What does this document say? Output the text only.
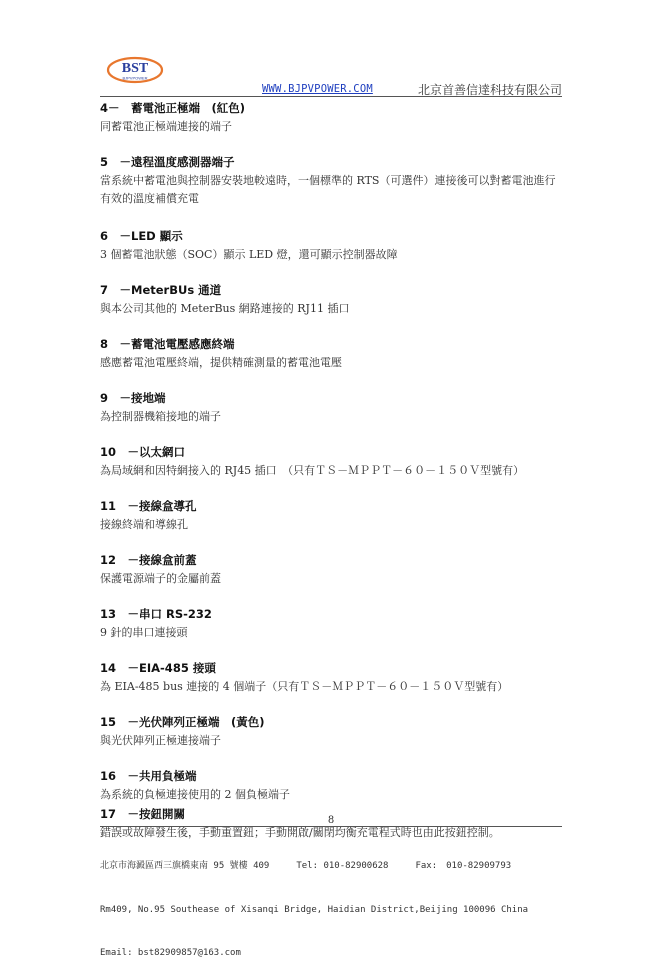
BST
BJPVPOWER
WWW.BJPVPOWER.COM	北京首善信達科技有限公司
4－　蓄電池正極端　(紅色)

同蓄電池正極端連接的端子

5　－遠程溫度感測器端子

當系統中蓄電池與控制器安裝地較遠時，一個標準的 RTS（可選件）連接後可以對蓄電池進行有效的溫度補償充電

6　－LED 顯示

3 個蓄電池狀態（SOC）顯示 LED 燈，還可顯示控制器故障

7　－MeterBUs 通道

與本公司其他的 MeterBus 網路連接的 RJ11 插口

8　－蓄電池電壓感應終端

感應蓄電池電壓終端，提供精確測量的蓄電池電壓

9　－接地端

為控制器機箱接地的端子

10　－以太網口

為局域網和因特網接入的 RJ45 插口　（只有ＴＳ－ＭＰＰＴ－６０－１５０Ｖ型號有）

11　－接線盒導孔

接線終端和導線孔

12　－接線盒前蓋

保護電源端子的金屬前蓋

13　－串口 RS-232

9 針的串口連接頭

14　－EIA-485 接頭

為 EIA-485 bus 連接的 4 個端子（只有ＴＳ－ＭＰＰＴ－６０－１５０Ｖ型號有）

15　－光伏陣列正極端　(黃色)

與光伏陣列正極連接端子

16　－共用負極端

為系統的負極連接使用的 2 個負極端子

17　－按鈕開關

錯誤或故障發生後，手動重置鈕；手動開啟/關閉均衡充電程式時也由此按鈕控制。

8

北京市海澱區西三旗橋東南 95 號樓 409　　　Tel: 010-82900628　　　Fax:　010-82909793

Rm409, No.95 Southease of Xisanqi Bridge, Haidian District,Beijing 100096 China

Email: bst82909857@163.com
